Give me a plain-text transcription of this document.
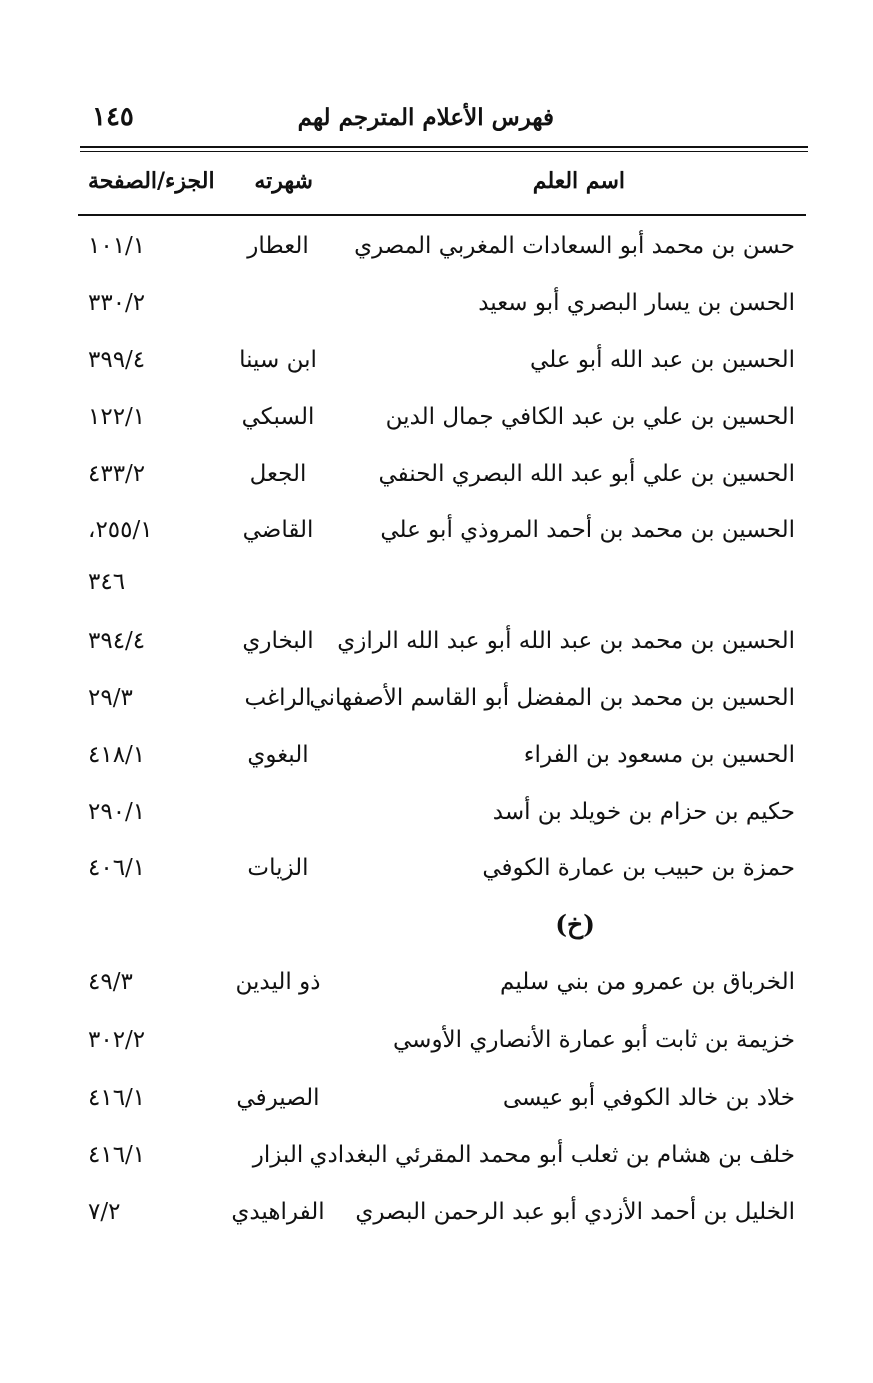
فهرس الأعلام المترجم لهم
١٤٥
اسم العلم
شهرته
الجزء/الصفحة
حسن بن محمد أبو السعادات المغربي المصري
العطار
١٠١/١
الحسن بن يسار البصري أبو سعيد
٣٣٠/٢
الحسين بن عبد الله أبو علي
ابن سينا
٣٩٩/٤
الحسين بن علي بن عبد الكافي جمال الدين
السبكي
١٢٢/١
الحسين بن علي أبو عبد الله البصري الحنفي
الجعل
٤٣٣/٢
الحسين بن محمد بن أحمد المروذي أبو علي
القاضي
٢٥٥/١،
٣٤٦
الحسين بن محمد بن عبد الله أبو عبد الله الرازي
البخاري
٣٩٤/٤
الحسين بن محمد بن المفضل أبو القاسم الأصفهاني
الراغب
٢٩/٣
الحسين بن مسعود بن الفراء
البغوي
٤١٨/١
حكيم بن حزام بن خويلد بن أسد
٢٩٠/١
حمزة بن حبيب بن عمارة الكوفي
الزيات
٤٠٦/١
(خ)
الخرباق بن عمرو من بني سليم
ذو اليدين
٤٩/٣
خزيمة بن ثابت أبو عمارة الأنصاري الأوسي
٣٠٢/٢
خلاد بن خالد الكوفي أبو عيسى
الصيرفي
٤١٦/١
خلف بن هشام بن ثعلب أبو محمد المقرئي البغدادي
البزار
٤١٦/١
الخليل بن أحمد الأزدي أبو عبد الرحمن البصري
الفراهيدي
٧/٢
